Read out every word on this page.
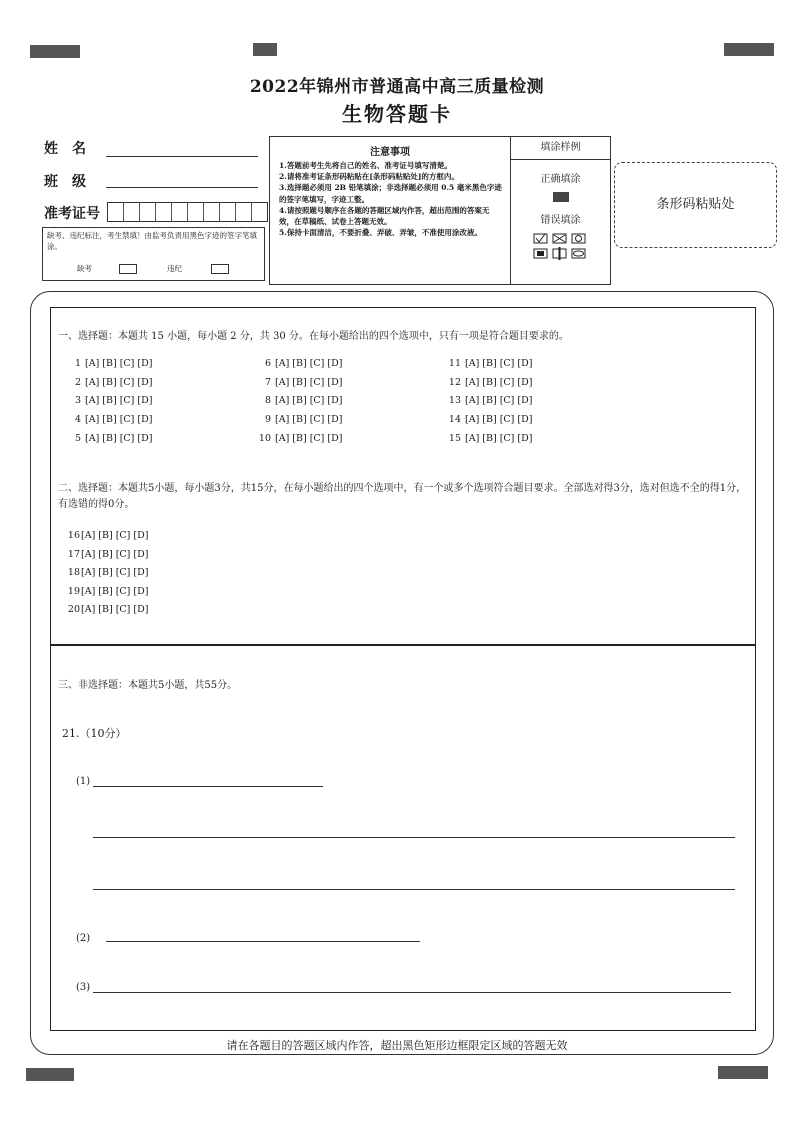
2022年锦州市普通高中高三质量检测
生物答题卡
姓　名
班　级
准考证号
缺考、违纪标注，考生禁填！由监考负责用黑色字迹的签字笔填涂。
缺考	违纪
注意事项
1.答题前考生先将自己的姓名、准考证号填写清楚。
2.请将准考证条形码粘贴在[条形码粘贴处]的方框内。
3.选择题必须用 2B 铅笔填涂；非选择题必须用 0.5 毫米黑色字迹的签字笔填写，字迹工整。
4.请按照题号顺序在各题的答题区域内作答，超出范围的答案无效，在草稿纸、试卷上答题无效。
5.保持卡面清洁，不要折叠、弄破、弄皱，不准使用涂改液。
填涂样例
正确填涂
错误填涂
条形码粘贴处
一、选择题：本题共 15 小题，每小题 2 分，共 30 分。在每小题给出的四个选项中，只有一项是符合题目要求的。
1 [A] [B] [C] [D]
2 [A] [B] [C] [D]
3 [A] [B] [C] [D]
4 [A] [B] [C] [D]
5 [A] [B] [C] [D]
6 [A] [B] [C] [D]
7 [A] [B] [C] [D]
8 [A] [B] [C] [D]
9 [A] [B] [C] [D]
10 [A] [B] [C] [D]
11 [A] [B] [C] [D]
12 [A] [B] [C] [D]
13 [A] [B] [C] [D]
14 [A] [B] [C] [D]
15 [A] [B] [C] [D]
16[A] [B] [C] [D]
17[A] [B] [C] [D]
18[A] [B] [C] [D]
19[A] [B] [C] [D]
20[A] [B] [C] [D]
二、选择题：本题共5小题，每小题3分，共15分，在每小题给出的四个选项中，有一个或多个选项符合题目要求。全部选对得3分，选对但选不全的得1分，有选错的得0分。
三、非选择题：本题共5小题，共55分。
21.（10分）
(1)
(2)
(3)
请在各题目的答题区域内作答，超出黑色矩形边框限定区域的答题无效
